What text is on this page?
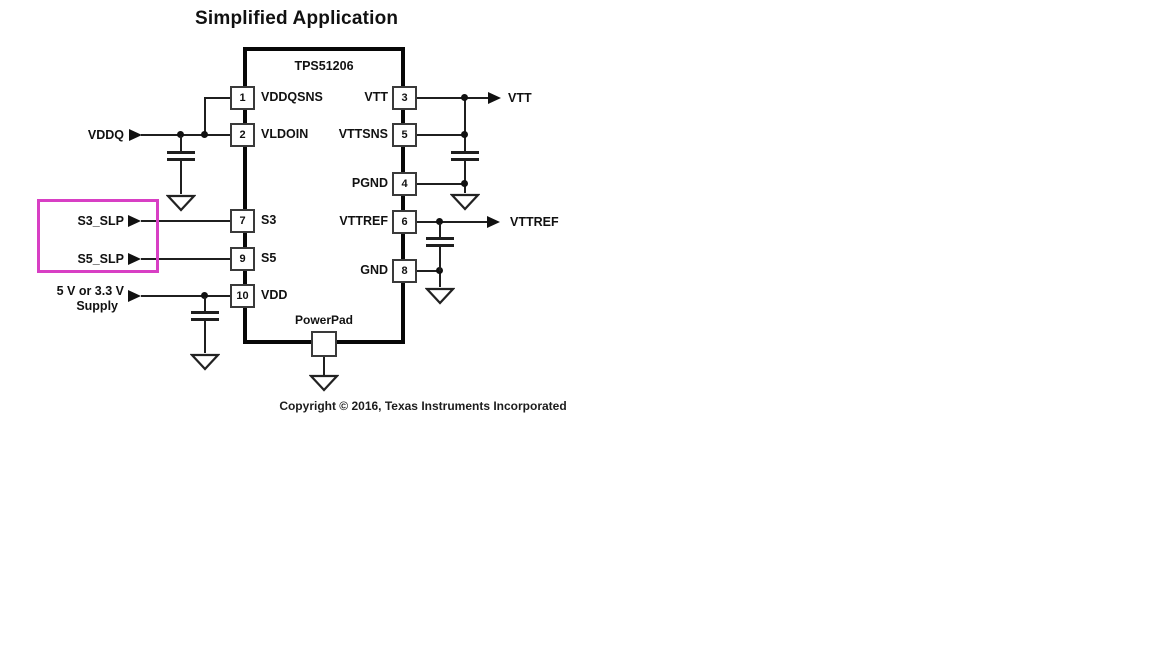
Simplified Application
TPS51206
VDDQ
S3_SLP
S5_SLP
5 V or 3.3 V
Supply
VTT
VTTREF
1
2
7
9
10
3
5
4
6
8
VDDQSNS
VLDOIN
S3
S5
VDD
VTT
VTTSNS
PGND
VTTREF
GND
PowerPad
Copyright © 2016, Texas Instruments Incorporated
